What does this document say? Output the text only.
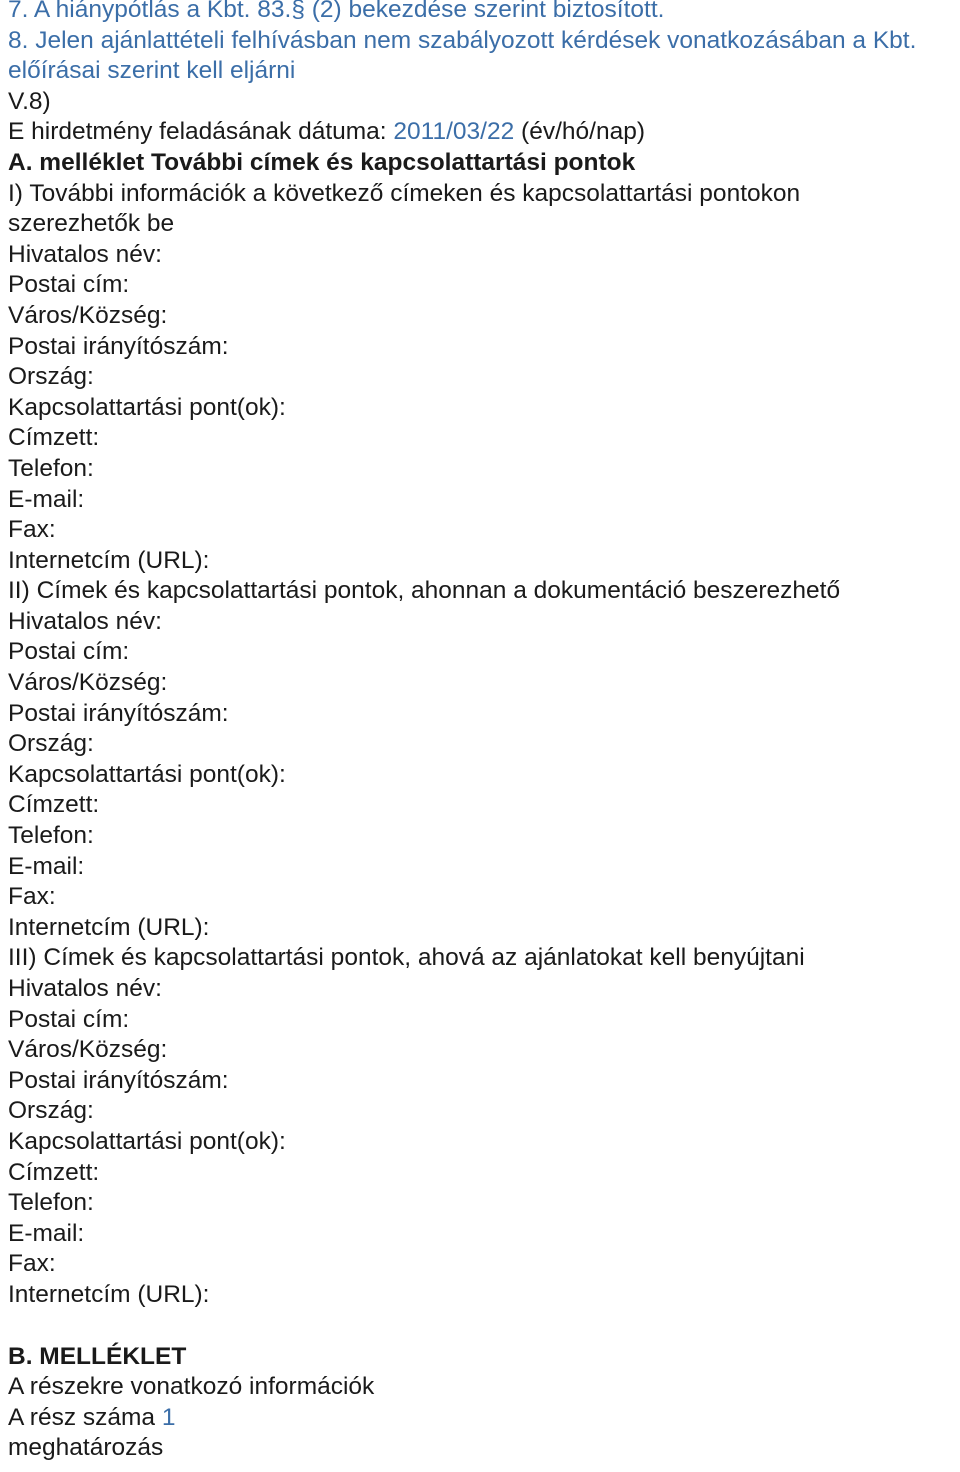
7. A hiánypótlás a Kbt. 83.§ (2) bekezdése szerint biztosított.
8. Jelen ajánlattételi felhívásban nem szabályozott kérdések vonatkozásában a Kbt.
előírásai szerint kell eljárni
V.8)
E hirdetmény feladásának dátuma: 2011/03/22 (év/hó/nap)
A. melléklet További címek és kapcsolattartási pontok
I) További információk a következő címeken és kapcsolattartási pontokon
szerezhetők be
Hivatalos név:
Postai cím:
Város/Község:
Postai irányítószám:
Ország:
Kapcsolattartási pont(ok):
Címzett:
Telefon:
E-mail:
Fax:
Internetcím (URL):
II) Címek és kapcsolattartási pontok, ahonnan a dokumentáció beszerezhető
Hivatalos név:
Postai cím:
Város/Község:
Postai irányítószám:
Ország:
Kapcsolattartási pont(ok):
Címzett:
Telefon:
E-mail:
Fax:
Internetcím (URL):
III) Címek és kapcsolattartási pontok, ahová az ajánlatokat kell benyújtani
Hivatalos név:
Postai cím:
Város/Község:
Postai irányítószám:
Ország:
Kapcsolattartási pont(ok):
Címzett:
Telefon:
E-mail:
Fax:
Internetcím (URL):
B. MELLÉKLET
A részekre vonatkozó információk
A rész száma 1
meghatározás
